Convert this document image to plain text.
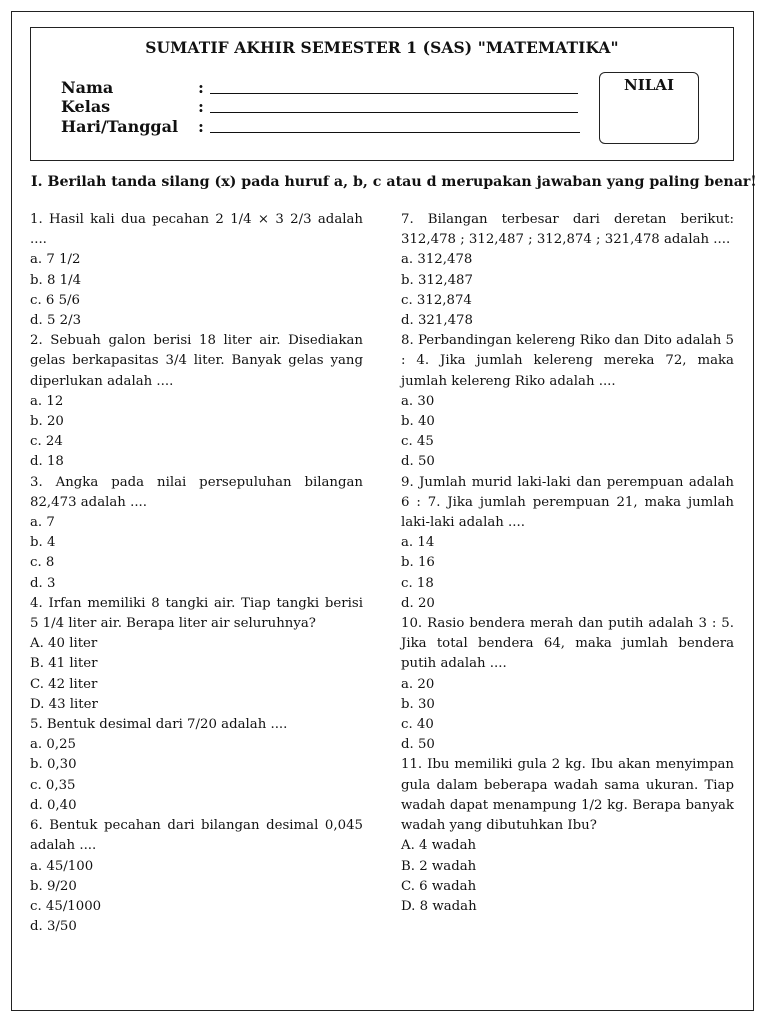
SUMATIF AKHIR SEMESTER 1 (SAS) "MATEMATIKA"
Nama	:
Kelas	:
Hari/Tanggal :
NILAI
I. Berilah tanda silang (x) pada huruf a, b, c atau d merupakan jawaban yang paling benar!
1. Hasil kali dua pecahan 2 1/4 × 3 2/3 adalah ....
a. 7 1/2
b. 8 1/4
c. 6 5/6
d. 5 2/3
2. Sebuah galon berisi 18 liter air. Disediakan gelas berkapasitas 3/4 liter. Banyak gelas yang diperlukan adalah ....
a. 12
b. 20
c. 24
d. 18
3. Angka pada nilai persepuluhan bilangan 82,473 adalah ....
a. 7
b. 4
c. 8
d. 3
4. Irfan memiliki 8 tangki air. Tiap tangki berisi 5 1/4 liter air. Berapa liter air seluruhnya?
A. 40 liter
B. 41 liter
C. 42 liter
D. 43 liter
5. Bentuk desimal dari 7/20 adalah ....
a. 0,25
b. 0,30
c. 0,35
d. 0,40
6. Bentuk pecahan dari bilangan desimal 0,045 adalah ....
a. 45/100
b. 9/20
c. 45/1000
d. 3/50
7. Bilangan terbesar dari deretan berikut: 312,478 ; 312,487 ; 312,874 ; 321,478 adalah ....
a. 312,478
b. 312,487
c. 312,874
d. 321,478
8. Perbandingan kelereng Riko dan Dito adalah 5 : 4. Jika jumlah kelereng mereka 72, maka jumlah kelereng Riko adalah ....
a. 30
b. 40
c. 45
d. 50
9. Jumlah murid laki-laki dan perempuan adalah 6 : 7. Jika jumlah perempuan 21, maka jumlah laki-laki adalah ....
a. 14
b. 16
c. 18
d. 20
10. Rasio bendera merah dan putih adalah 3 : 5. Jika total bendera 64, maka jumlah bendera putih adalah ....
a. 20
b. 30
c. 40
d. 50
11. Ibu memiliki gula 2 kg. Ibu akan menyimpan gula dalam beberapa wadah sama ukuran. Tiap wadah dapat menampung 1/2 kg. Berapa banyak wadah yang dibutuhkan Ibu?
A. 4 wadah
B. 2 wadah
C. 6 wadah
D. 8 wadah
